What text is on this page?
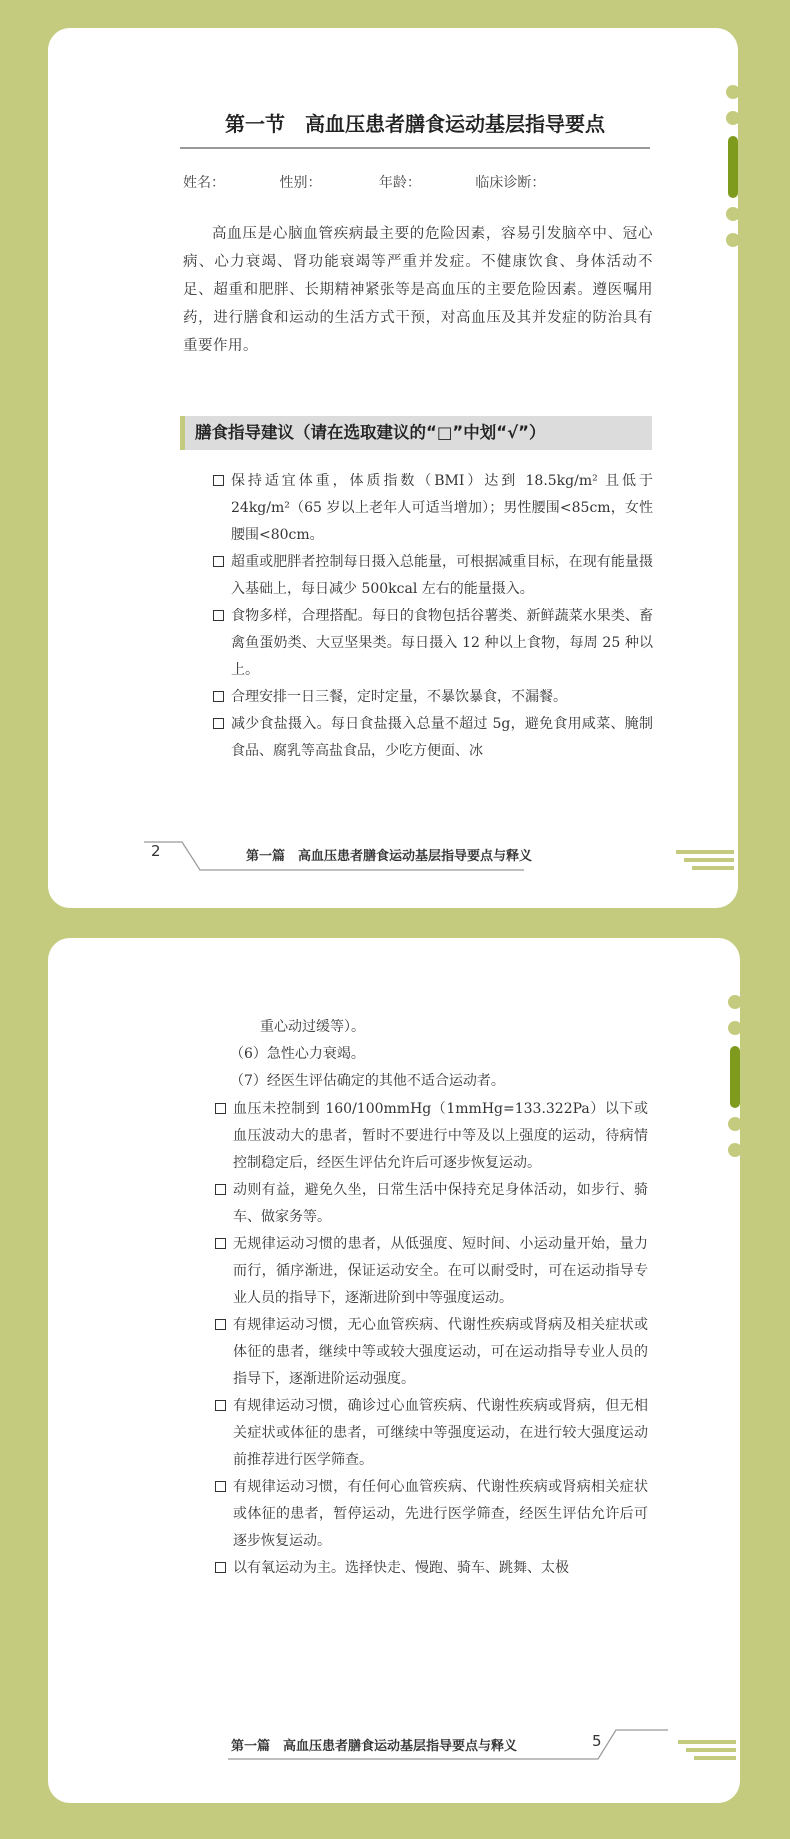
第一节　高血压患者膳食运动基层指导要点
姓名：	性别：	年龄：	临床诊断：
高血压是心脑血管疾病最主要的危险因素，容易引发脑卒中、冠心病、心力衰竭、肾功能衰竭等严重并发症。不健康饮食、身体活动不足、超重和肥胖、长期精神紧张等是高血压的主要危险因素。遵医嘱用药，进行膳食和运动的生活方式干预，对高血压及其并发症的防治具有重要作用。
膳食指导建议（请在选取建议的“□”中划“√”）
保持适宜体重，体质指数（BMI）达到 18.5kg/m² 且低于 24kg/m²（65 岁以上老年人可适当增加）；男性腰围<85cm，女性腰围<80cm。
超重或肥胖者控制每日摄入总能量，可根据减重目标，在现有能量摄入基础上，每日减少 500kcal 左右的能量摄入。
食物多样，合理搭配。每日的食物包括谷薯类、新鲜蔬菜水果类、畜禽鱼蛋奶类、大豆坚果类。每日摄入 12 种以上食物，每周 25 种以上。
合理安排一日三餐，定时定量，不暴饮暴食，不漏餐。
减少食盐摄入。每日食盐摄入总量不超过 5g，避免食用咸菜、腌制食品、腐乳等高盐食品，少吃方便面、冰
2	第一篇　高血压患者膳食运动基层指导要点与释义
重心动过缓等）。
（6）急性心力衰竭。
（7）经医生评估确定的其他不适合运动者。
血压未控制到 160/100mmHg（1mmHg=133.322Pa）以下或血压波动大的患者，暂时不要进行中等及以上强度的运动，待病情控制稳定后，经医生评估允许后可逐步恢复运动。
动则有益，避免久坐，日常生活中保持充足身体活动，如步行、骑车、做家务等。
无规律运动习惯的患者，从低强度、短时间、小运动量开始，量力而行，循序渐进，保证运动安全。在可以耐受时，可在运动指导专业人员的指导下，逐渐进阶到中等强度运动。
有规律运动习惯，无心血管疾病、代谢性疾病或肾病及相关症状或体征的患者，继续中等或较大强度运动，可在运动指导专业人员的指导下，逐渐进阶运动强度。
有规律运动习惯，确诊过心血管疾病、代谢性疾病或肾病，但无相关症状或体征的患者，可继续中等强度运动，在进行较大强度运动前推荐进行医学筛查。
有规律运动习惯，有任何心血管疾病、代谢性疾病或肾病相关症状或体征的患者，暂停运动，先进行医学筛查，经医生评估允许后可逐步恢复运动。
以有氧运动为主。选择快走、慢跑、骑车、跳舞、太极
第一篇　高血压患者膳食运动基层指导要点与释义	5
